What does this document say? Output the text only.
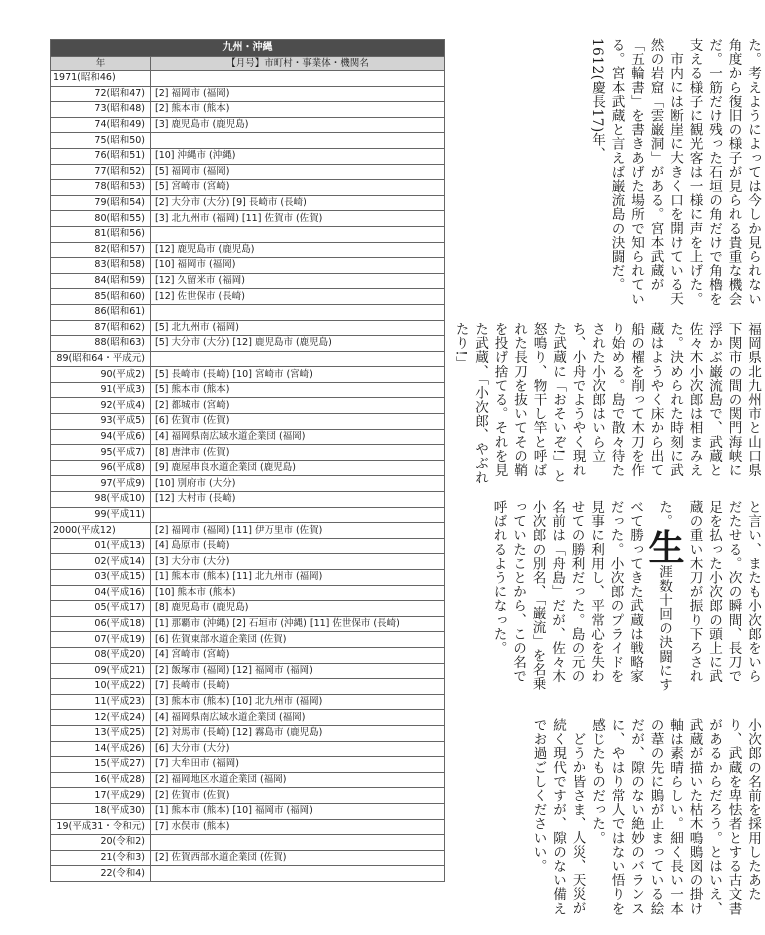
九州・沖縄	
年	【月号】市町村・事業体・機関名
1971(昭和46)	
72(昭和47)	[2] 福岡市 (福岡)
73(昭和48)	[2] 熊本市 (熊本)
74(昭和49)	[3] 鹿児島市 (鹿児島)
75(昭和50)	
76(昭和51)	[10] 沖縄市 (沖縄)
77(昭和52)	[5] 福岡市 (福岡)
78(昭和53)	[5] 宮崎市 (宮崎)
79(昭和54)	[2] 大分市 (大分) [9] 長崎市 (長崎)
80(昭和55)	[3] 北九州市 (福岡) [11] 佐賀市 (佐賀)
81(昭和56)	
82(昭和57)	[12] 鹿児島市 (鹿児島)
83(昭和58)	[10] 福岡市 (福岡)
84(昭和59)	[12] 久留米市 (福岡)
85(昭和60)	[12] 佐世保市 (長崎)
86(昭和61)	
87(昭和62)	[5] 北九州市 (福岡)
88(昭和63)	[5] 大分市 (大分) [12] 鹿児島市 (鹿児島)
89(昭和64・平成元)	
90(平成2)	[5] 長崎市 (長崎) [10] 宮崎市 (宮崎)
91(平成3)	[5] 熊本市 (熊本)
92(平成4)	[2] 都城市 (宮崎)
93(平成5)	[6] 佐賀市 (佐賀)
94(平成6)	[4] 福岡県南広域水道企業団 (福岡)
95(平成7)	[8] 唐津市 (佐賀)
96(平成8)	[9] 鹿屋串良水道企業団 (鹿児島)
97(平成9)	[10] 別府市 (大分)
98(平成10)	[12] 大村市 (長崎)
99(平成11)	
2000(平成12)	[2] 福岡市 (福岡) [11] 伊万里市 (佐賀)
01(平成13)	[4] 島原市 (長崎)
02(平成14)	[3] 大分市 (大分)
03(平成15)	[1] 熊本市 (熊本) [11] 北九州市 (福岡)
04(平成16)	[10] 熊本市 (熊本)
05(平成17)	[8] 鹿児島市 (鹿児島)
06(平成18)	[1] 那覇市 (沖縄) [2] 石垣市 (沖縄) [11] 佐世保市 (長崎)
07(平成19)	[6] 佐賀東部水道企業団 (佐賀)
08(平成20)	[4] 宮崎市 (宮崎)
09(平成21)	[2] 飯塚市 (福岡) [12] 福岡市 (福岡)
10(平成22)	[7] 長崎市 (長崎)
11(平成23)	[3] 熊本市 (熊本) [10] 北九州市 (福岡)
12(平成24)	[4] 福岡県南広域水道企業団 (福岡)
13(平成25)	[2] 対馬市 (長崎) [12] 霧島市 (鹿児島)
14(平成26)	[6] 大分市 (大分)
15(平成27)	[7] 大牟田市 (福岡)
16(平成28)	[2] 福岡地区水道企業団 (福岡)
17(平成29)	[2] 佐賀市 (佐賀)
18(平成30)	[1] 熊本市 (熊本) [10] 福岡市 (福岡)
19(平成31・令和元)	[7] 水俣市 (熊本)
20(令和2)	
21(令和3)	[2] 佐賀西部水道企業団 (佐賀)
22(令和4)	

た。考えようによっては今しか見られない角度から復旧の様子が見られる貴重な機会だ。一筋だけ残った石垣の角だけで角櫓を支える様子に観光客は一様に声を上げた。

市内には断崖に大きく口を開けている天然の岩窟「雲巌洞」がある。宮本武蔵が「五輪書」を書きあげた場所で知られている。宮本武蔵と言えば巌流島の決闘だ。1612(慶長17)年、

福岡県北九州市と山口県下関市の間の関門海峡に浮かぶ巌流島で、武蔵と佐々木小次郎は相まみえた。決められた時刻に武蔵はようやく床から出て船の櫂を削って木刀を作り始める。島で散々待たされた小次郎はいら立ち、小舟でようやく現れた武蔵に「おそいぞ!」と怒鳴り、物干し竿と呼ばれた長刀を抜いてその鞘を投げ捨てる。それを見た武蔵、「小次郎、やぶれたり!」

と言い、またも小次郎をいらだたせる。次の瞬間、長刀で足を払った小次郎の頭上に武蔵の重い木刀が振り下ろされた。生涯数十回の決闘にすべて勝ってきた武蔵は戦略家だった。小次郎のプライドを見事に利用し、平常心を失わせての勝利だった。島の元の名前は「舟島」だが、佐々木小次郎の別名、「巌流」を名乗っていたことから、この名で呼ばれるようになった。

小次郎の名前を採用したあたり、武蔵を卑怯者とする古文書があるからだろう。とはいえ、武蔵が描いた枯木鳴鵙図の掛け軸は素晴らしい。細く長い一本の葦の先に鵙が止まっている絵だが、隙のない絶妙のバランスに、やはり常人ではない悟りを感じたものだった。

どうか皆さま、人災、天災が続く現代ですが、隙のない備えでお過ごしくださいい。
